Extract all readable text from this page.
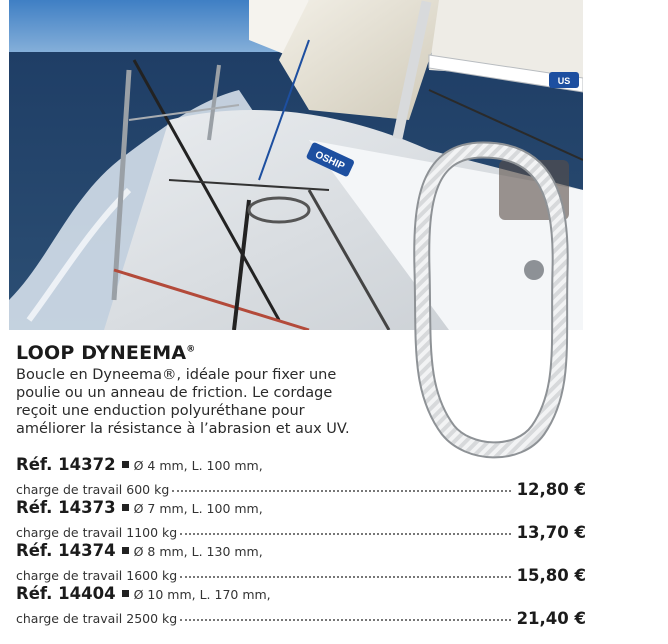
US
OSHIP
LOOP DYNEEMA®
Boucle en Dyneema®, idéale pour fixer une
poulie ou un anneau de friction. Le cordage
reçoit une enduction polyuréthane pour
améliorer la résistance à l’abrasion et aux UV.
Réf. 14372 Ø 4 mm, L. 100 mm,
charge de travail 600 kg	12,80 €
Réf. 14373 Ø 7 mm, L. 100 mm,
charge de travail 1100 kg	13,70 €
Réf. 14374 Ø 8 mm, L. 130 mm,
charge de travail 1600 kg	15,80 €
Réf. 14404 Ø 10 mm, L. 170 mm,
charge de travail 2500 kg	21,40 €
